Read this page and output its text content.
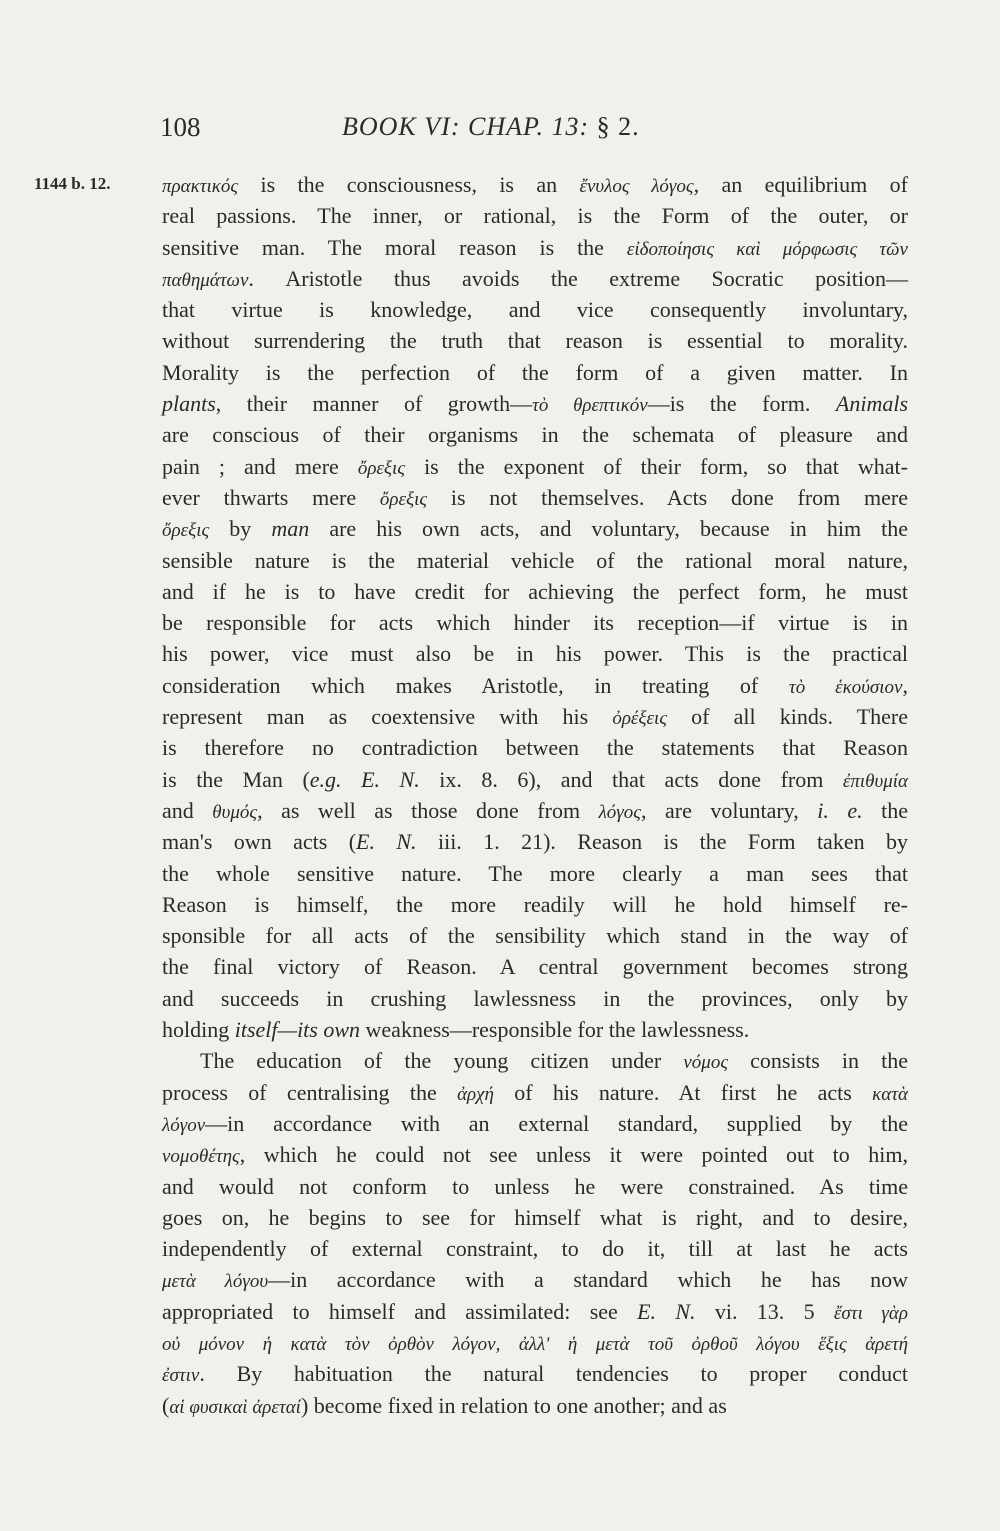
108	BOOK VI: CHAP. 13: § 2.
1144 b. 12.	πρακτικός is the consciousness, is an ἔνυλος λόγος, an equilibrium of
real passions. The inner, or rational, is the Form of the outer, or
sensitive man. The moral reason is the εἰδοποίησις καὶ μόρφωσις τῶν
παθημάτων. Aristotle thus avoids the extreme Socratic position—
that virtue is knowledge, and vice consequently involuntary,
without surrendering the truth that reason is essential to morality.
Morality is the perfection of the form of a given matter. In
plants, their manner of growth—τὸ θρεπτικόν—is the form. Animals
are conscious of their organisms in the schemata of pleasure and
pain ; and mere ὄρεξις is the exponent of their form, so that what-
ever thwarts mere ὄρεξις is not themselves. Acts done from mere
ὄρεξις by man are his own acts, and voluntary, because in him the
sensible nature is the material vehicle of the rational moral nature,
and if he is to have credit for achieving the perfect form, he must
be responsible for acts which hinder its reception—if virtue is in
his power, vice must also be in his power. This is the practical
consideration which makes Aristotle, in treating of τὸ ἑκούσιον,
represent man as coextensive with his ὀρέξεις of all kinds. There
is therefore no contradiction between the statements that Reason
is the Man (e.g. E. N. ix. 8. 6), and that acts done from ἐπιθυμία
and θυμός, as well as those done from λόγος, are voluntary, i. e. the
man's own acts (E. N. iii. 1. 21). Reason is the Form taken by
the whole sensitive nature. The more clearly a man sees that
Reason is himself, the more readily will he hold himself re-
sponsible for all acts of the sensibility which stand in the way of
the final victory of Reason. A central government becomes strong
and succeeds in crushing lawlessness in the provinces, only by
holding itself—its own weakness—responsible for the lawlessness.
The education of the young citizen under νόμος consists in the
process of centralising the ἀρχή of his nature. At first he acts κατὰ
λόγον—in accordance with an external standard, supplied by the
νομοθέτης, which he could not see unless it were pointed out to him,
and would not conform to unless he were constrained. As time
goes on, he begins to see for himself what is right, and to desire,
independently of external constraint, to do it, till at last he acts
μετὰ λόγου—in accordance with a standard which he has now
appropriated to himself and assimilated: see E. N. vi. 13. 5 ἔστι γὰρ
οὐ μόνον ἡ κατὰ τὸν ὀρθὸν λόγον, ἀλλ' ἡ μετὰ τοῦ ὀρθοῦ λόγου ἕξις ἀρετή
ἐστιν. By habituation the natural tendencies to proper conduct
(αἱ φυσικαὶ ἀρεταί) become fixed in relation to one another; and as
